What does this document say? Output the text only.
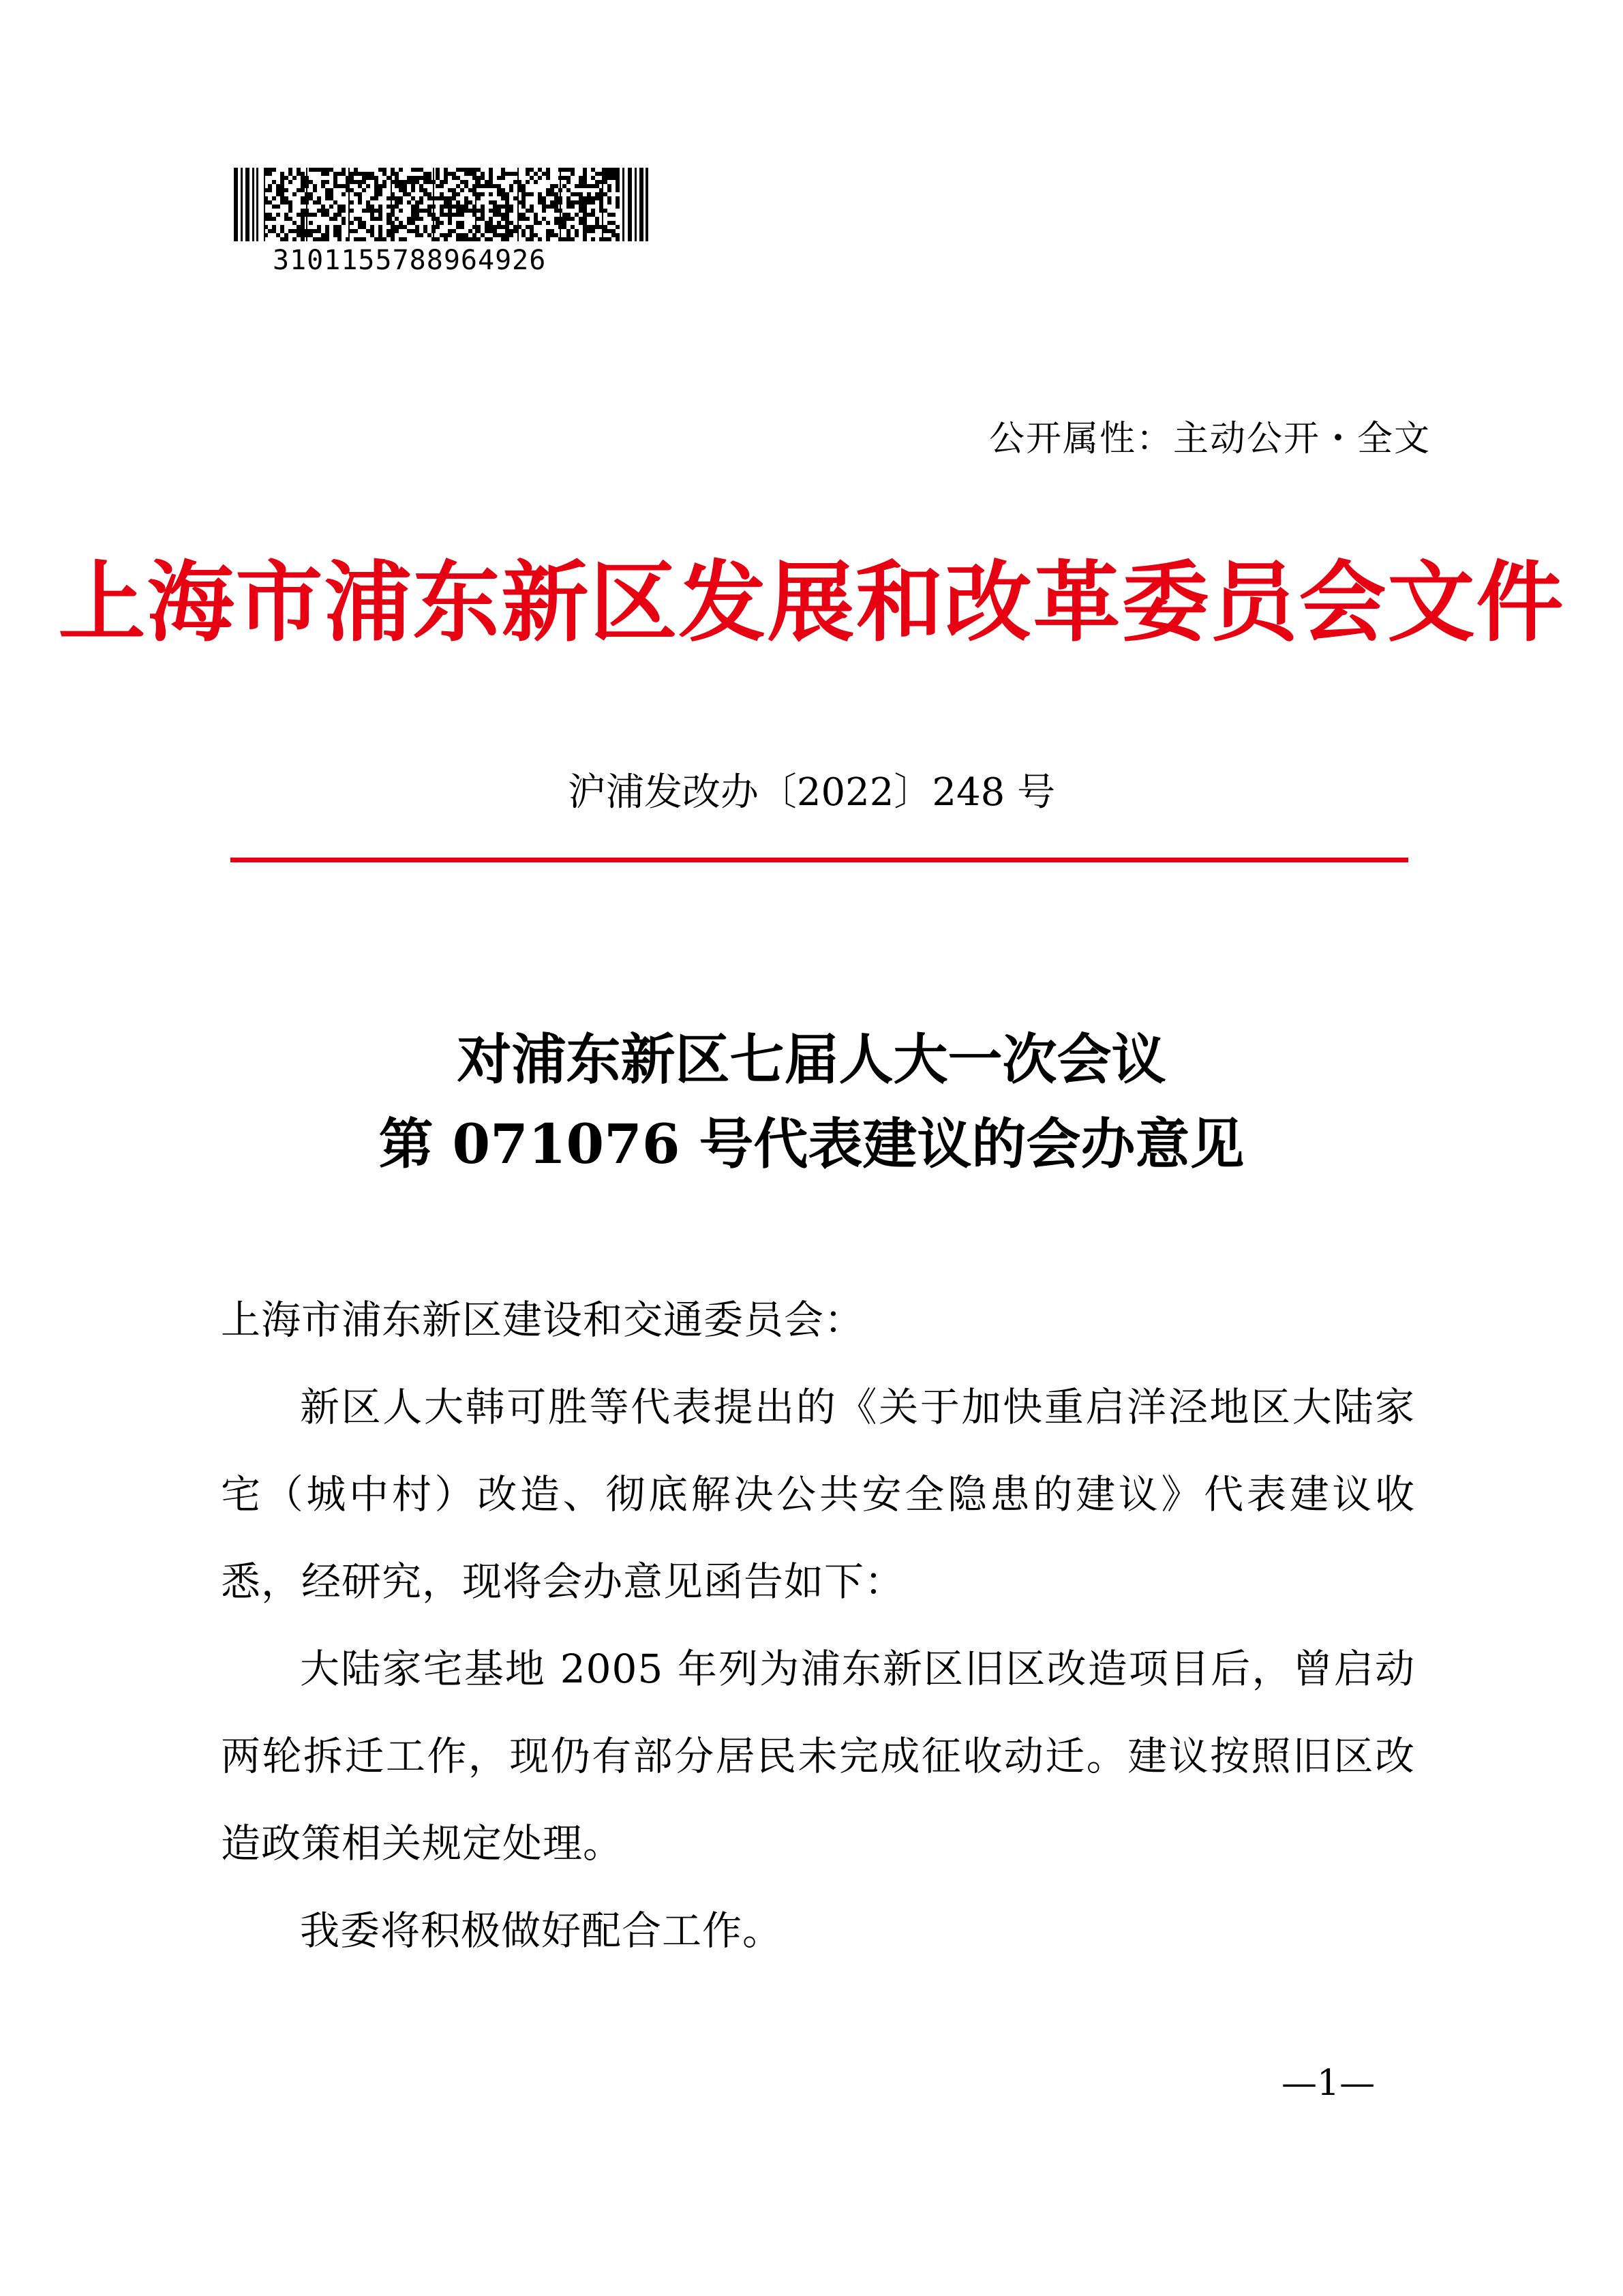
3101155788964926
公开属性：主动公开・全文
上海市浦东新区发展和改革委员会文件
沪浦发改办〔2022〕248 号
对浦东新区七届人大一次会议
第 071076 号代表建议的会办意见

上海市浦东新区建设和交通委员会：

新区人大韩可胜等代表提出的《关于加快重启洋泾地区大陆家宅（城中村）改造、彻底解决公共安全隐患的建议》代表建议收悉，经研究，现将会办意见函告如下：

大陆家宅基地 2005 年列为浦东新区旧区改造项目后，曾启动两轮拆迁工作，现仍有部分居民未完成征收动迁。建议按照旧区改造政策相关规定处理。

我委将积极做好配合工作。

—1—
